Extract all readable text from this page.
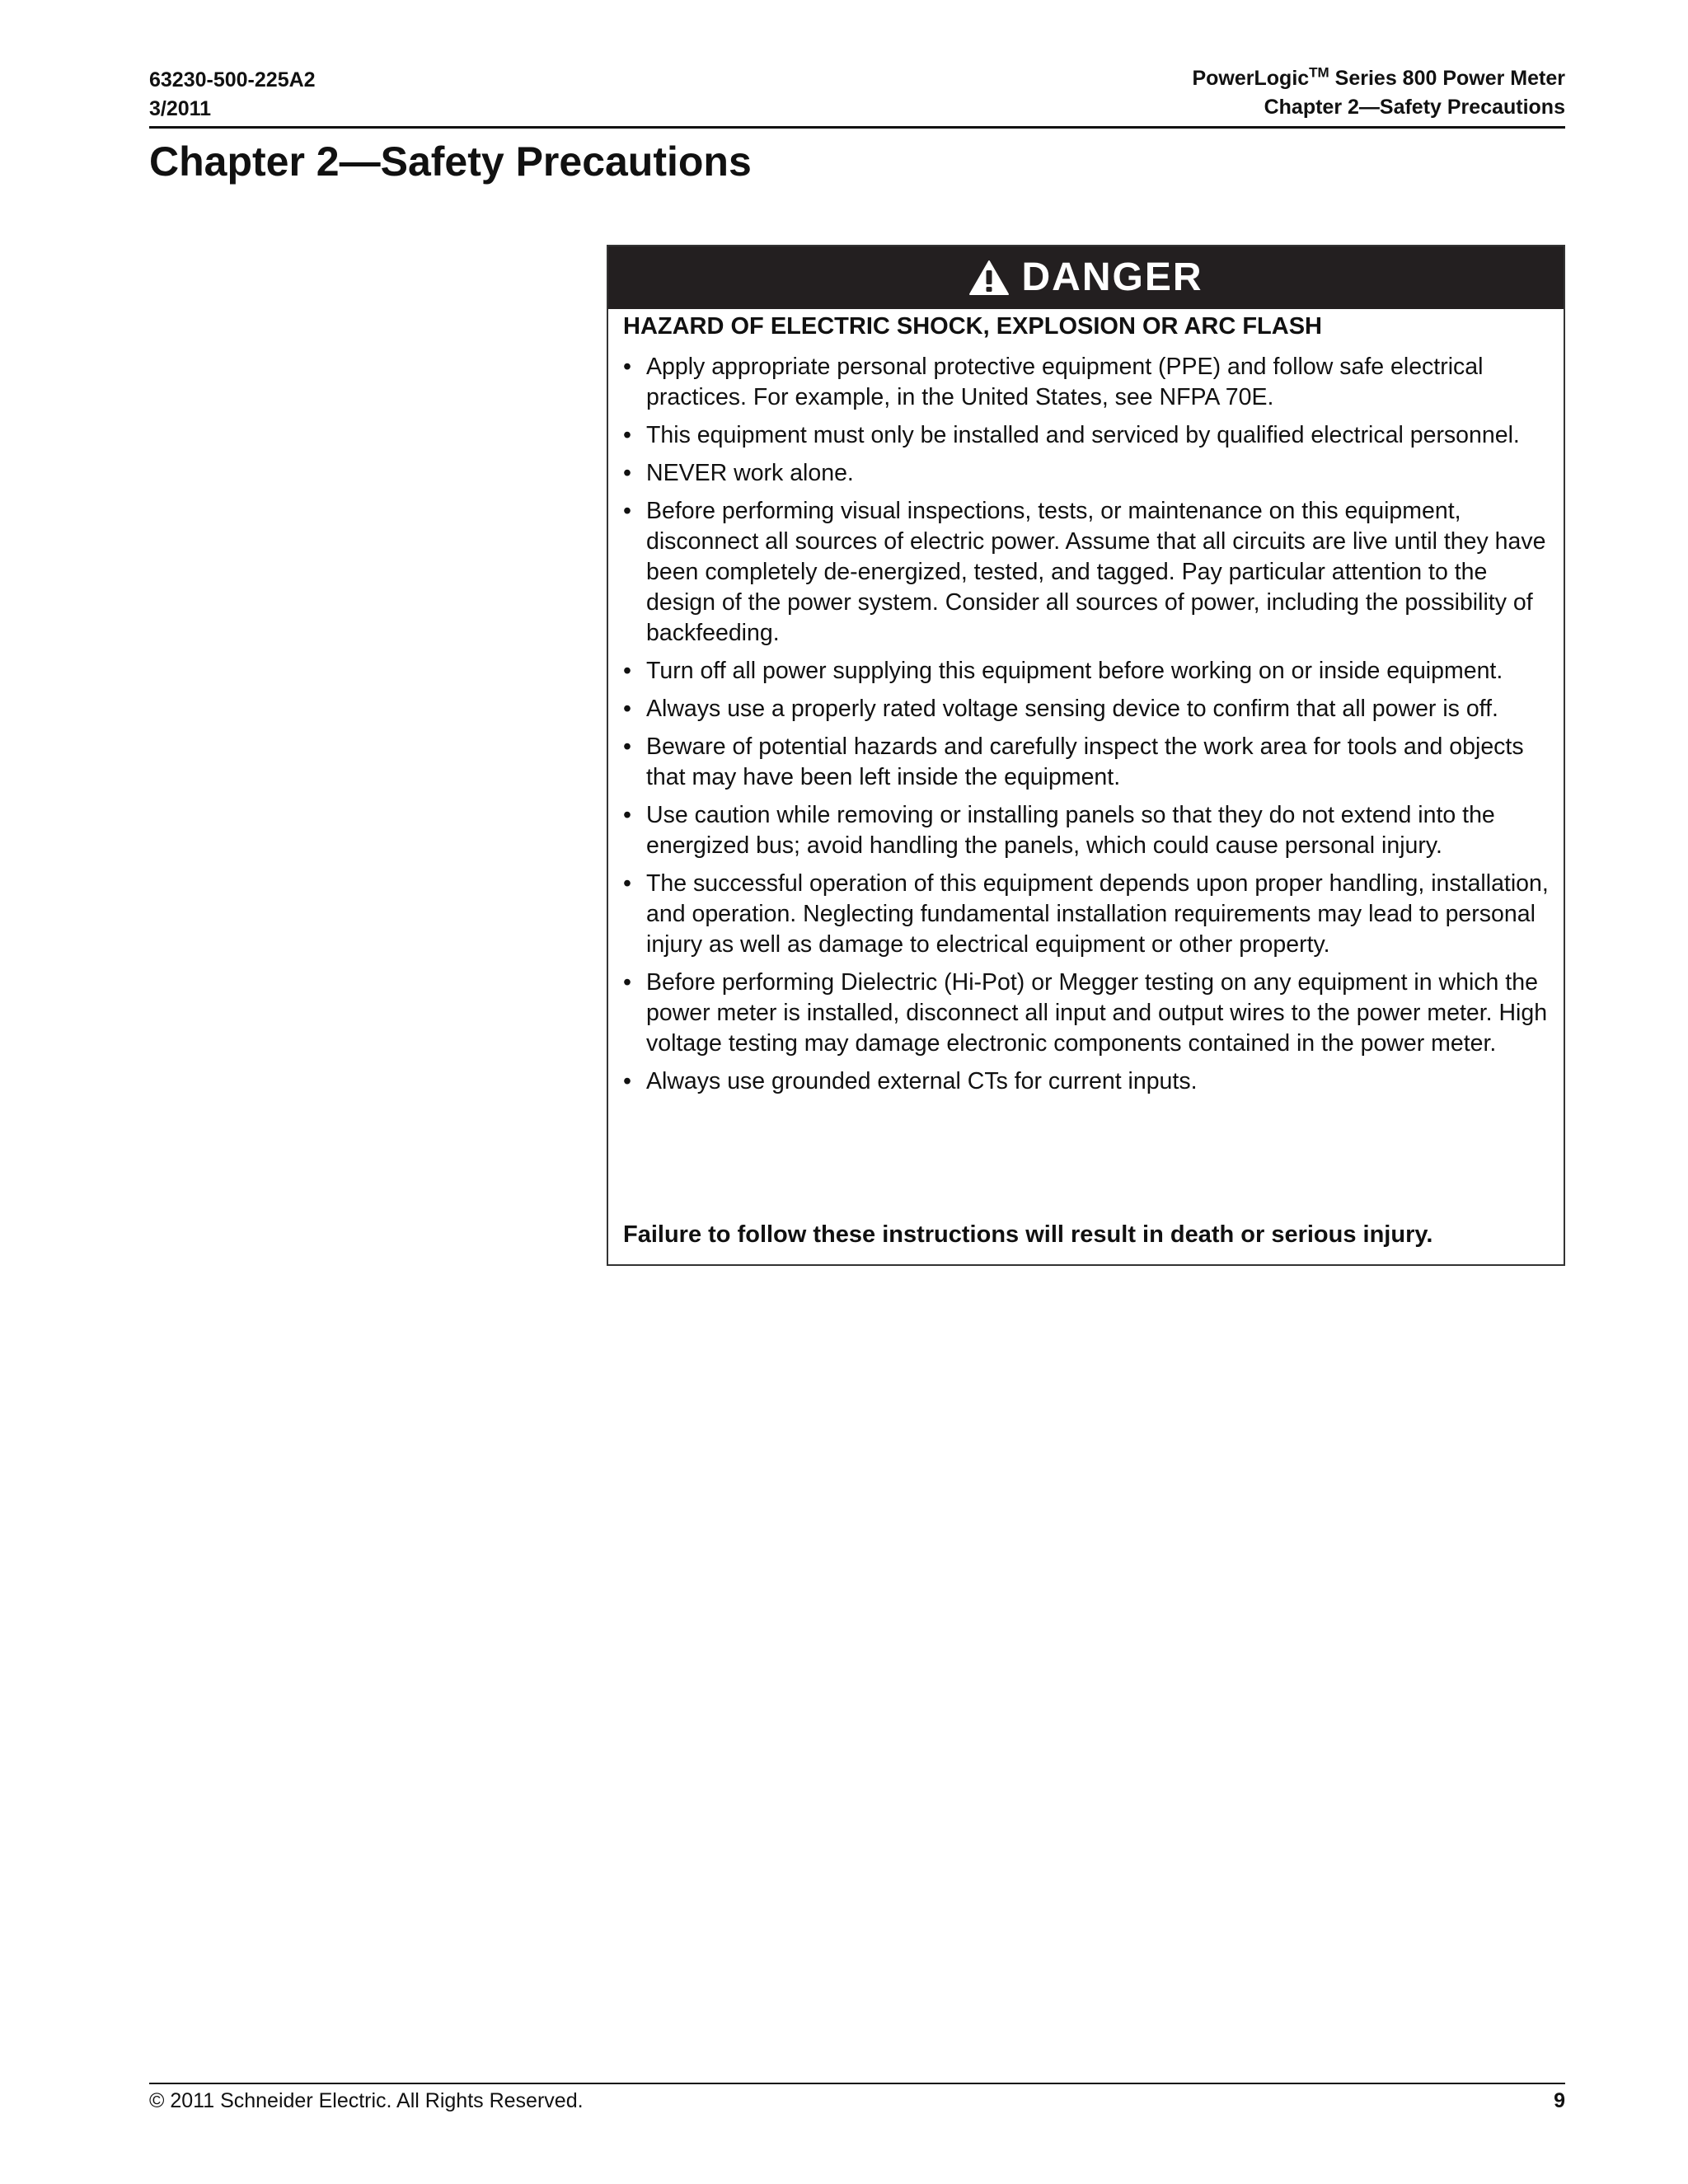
63230-500-225A2
3/2011
PowerLogic™ Series 800 Power Meter
Chapter 2—Safety Precautions
Chapter 2—Safety Precautions
DANGER

HAZARD OF ELECTRIC SHOCK, EXPLOSION OR ARC FLASH

• Apply appropriate personal protective equipment (PPE) and follow safe electrical practices. For example, in the United States, see NFPA 70E.
• This equipment must only be installed and serviced by qualified electrical personnel.
• NEVER work alone.
• Before performing visual inspections, tests, or maintenance on this equipment, disconnect all sources of electric power. Assume that all circuits are live until they have been completely de-energized, tested, and tagged. Pay particular attention to the design of the power system. Consider all sources of power, including the possibility of backfeeding.
• Turn off all power supplying this equipment before working on or inside equipment.
• Always use a properly rated voltage sensing device to confirm that all power is off.
• Beware of potential hazards and carefully inspect the work area for tools and objects that may have been left inside the equipment.
• Use caution while removing or installing panels so that they do not extend into the energized bus; avoid handling the panels, which could cause personal injury.
• The successful operation of this equipment depends upon proper handling, installation, and operation. Neglecting fundamental installation requirements may lead to personal injury as well as damage to electrical equipment or other property.
• Before performing Dielectric (Hi-Pot) or Megger testing on any equipment in which the power meter is installed, disconnect all input and output wires to the power meter. High voltage testing may damage electronic components contained in the power meter.
• Always use grounded external CTs for current inputs.

Failure to follow these instructions will result in death or serious injury.

© 2011 Schneider Electric. All Rights Reserved.	9
